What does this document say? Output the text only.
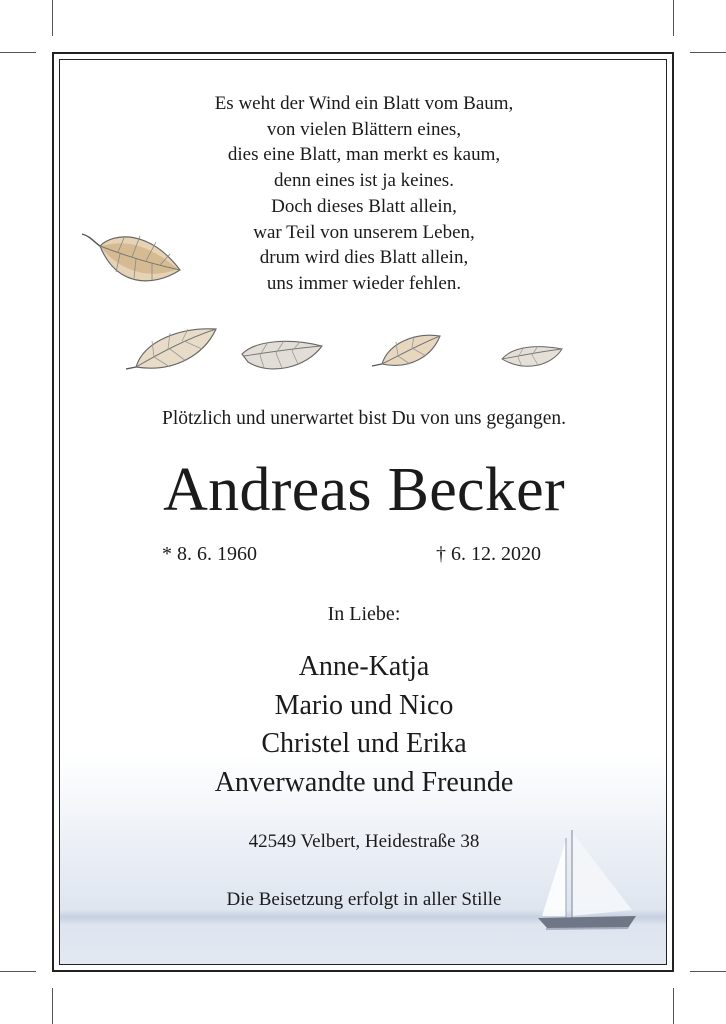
Es weht der Wind ein Blatt vom Baum,
von vielen Blättern eines,
dies eine Blatt, man merkt es kaum,
denn eines ist ja keines.
Doch dieses Blatt allein,
war Teil von unserem Leben,
drum wird dies Blatt allein,
uns immer wieder fehlen.

Plötzlich und unerwartet bist Du von uns gegangen.
Andreas Becker
* 8. 6. 1960	† 6. 12. 2020
In Liebe:
Anne-Katja
Mario und Nico
Christel und Erika
Anverwandte und Freunde
42549 Velbert, Heidestraße 38
Die Beisetzung erfolgt in aller Stille
